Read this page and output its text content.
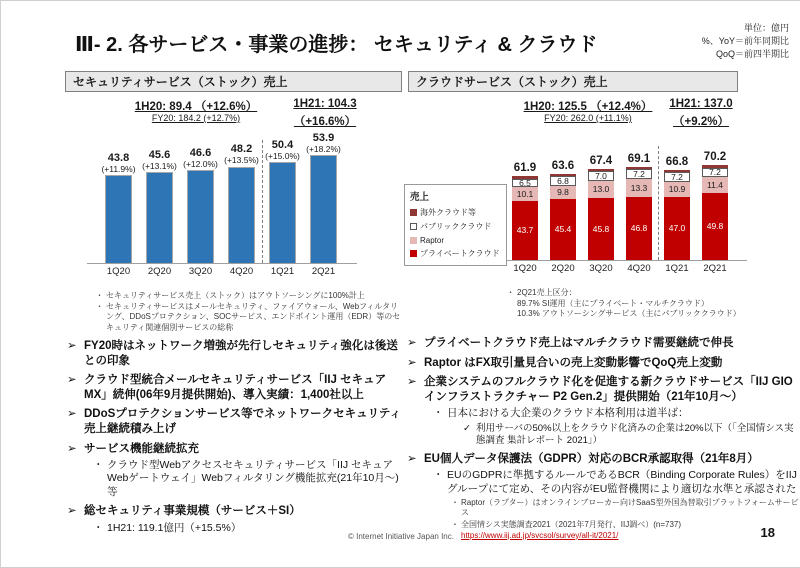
Ⅲ- 2. 各サービス・事業の進捗： セキュリティ & クラウド
単位：億円
%、YoY＝前年同期比
QoQ＝前四半期比
セキュリティサービス（ストック）売上	クラウドサービス（ストック）売上
1H20: 89.4 （+12.6%）
FY20: 184.2 (+12.7%)
1H21: 104.3
（+16.6%）
1H20: 125.5 （+12.4%）
FY20: 262.0 (+11.1%)
1H21: 137.0
（+9.2%）
43.8
(+11.9%)
45.6
(+13.1%)
46.6
(+12.0%)
48.2
(+13.5%)
50.4
(+15.0%)
53.9
(+18.2%)
1Q20	2Q20	3Q20	4Q20	1Q21	2Q21
61.9
6.5
10.1
43.7
63.6
6.8
9.8
45.4
67.4
7.0
13.0
45.8
69.1
7.2
13.3
46.8
66.8
7.2
10.9
47.0
70.2
7.2
11.4
49.8
1Q20	2Q20	3Q20	4Q20	1Q21	2Q21
売上
海外クラウド等
パブリッククラウド
Raptor
プライベートクラウド
・ セキュリティサービス売上（ストック）はアウトソーシングに100%計上
・ セキュリティサービスはメールセキュリティ、ファイアウォール、Webフィルタリング、DDoSプロテクション、SOCサービス、エンドポイント運用（EDR）等のセキュリティ関連個別サービスの総称
・ 2Q21売上区分：
89.7% SI運用（主にプライベート・マルチクラウド）
10.3% アウトソーシングサービス（主にパブリッククラウド）
➢ FY20時はネットワーク増強が先行しセキュリティ強化は後送との印象
➢ クラウド型統合メールセキュリティサービス「IIJ セキュアMX」続伸(06年9月提供開始)、導入実績：1,400社以上
➢ DDoSプロテクションサービス等でネットワークセキュリティ売上継続積み上げ
➢ サービス機能継続拡充
・ クラウド型Webアクセスセキュリティサービス「IIJ セキュアWebゲートウェイ」Webフィルタリング機能拡充(21年10月～)　等
➢ 総セキュリティ事業規模（サービス＋SI）
・ 1H21: 119.1億円（+15.5%）
➢ プライベートクラウド売上はマルチクラウド需要継続で伸長
➢ Raptor はFX取引量見合いの売上変動影響でQoQ売上変動
➢ 企業システムのフルクラウド化を促進する新クラウドサービス「IIJ GIO インフラストラクチャー P2 Gen.2」提供開始（21年10月～）
・ 日本における大企業のクラウド本格利用は道半ば：
✓ 利用サーバの50%以上をクラウド化済みの企業は20%以下（「全国情シス実態調査 集計レポート 2021」）
➢ EU個人データ保護法（GDPR）対応のBCR承認取得（21年8月）
・ EUのGDPRに準拠するルールであるBCR（Binding Corporate Rules）をIIJグループにて定め、その内容がEU監督機関により適切な水準と承認された
・ Raptor（ラプター）はオンラインブローカー向けSaaS型外国為替取引プラットフォームサービス
・ 全国情シス実態調査2021（2021年7月発行、IIJ調べ）(n=737)
https://www.iij.ad.jp/svcsol/survey/all-it/2021/
© Internet Initiative Japan Inc.	18
